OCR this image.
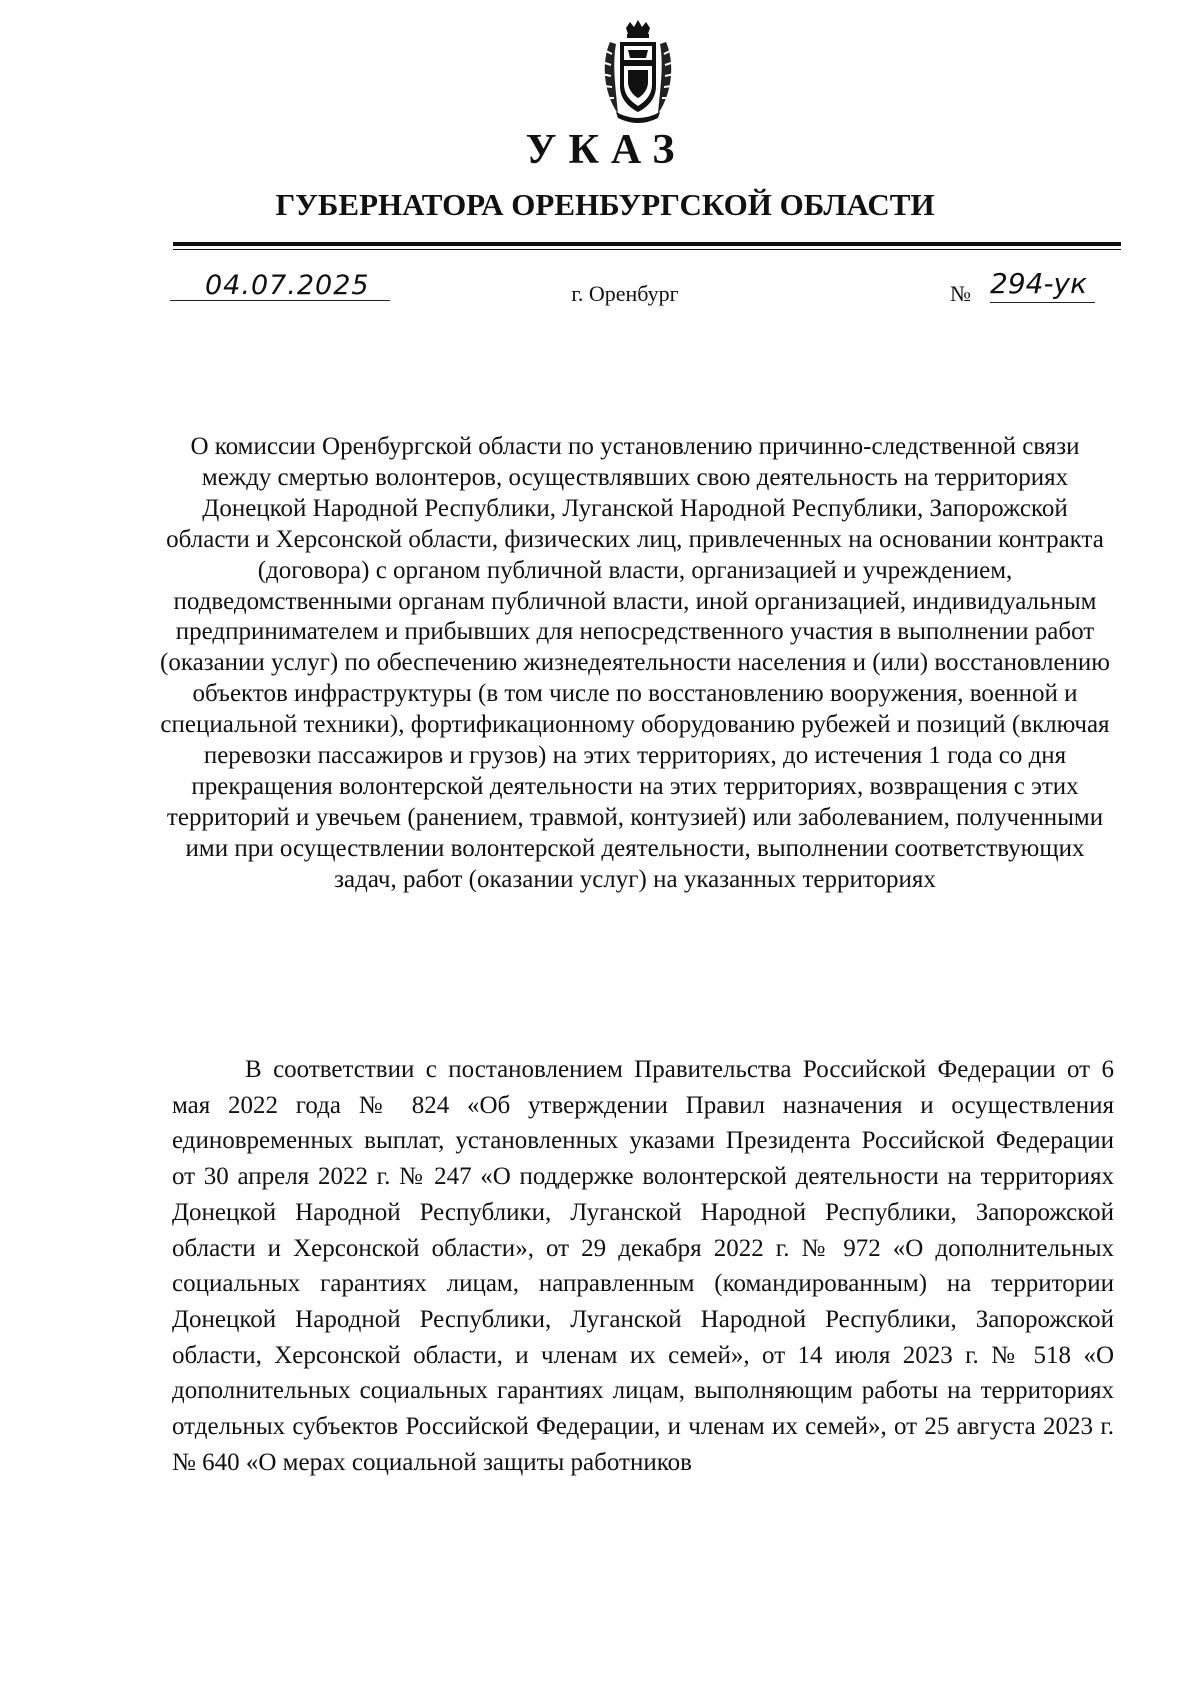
УКАЗ
ГУБЕРНАТОРА ОРЕНБУРГСКОЙ ОБЛАСТИ
04.07.2025	г. Оренбург	№ 294-ук

О комиссии Оренбургской области по установлению причинно-следственной связи между смертью волонтеров, осуществлявших свою деятельность на территориях Донецкой Народной Республики, Луганской Народной Республики, Запорожской области и Херсонской области, физических лиц, привлеченных на основании контракта (договора) с органом публичной власти, организацией и учреждением, подведомственными органам публичной власти, иной организацией, индивидуальным предпринимателем и прибывших для непосредственного участия в выполнении работ (оказании услуг) по обеспечению жизнедеятельности населения и (или) восстановлению объектов инфраструктуры (в том числе по восстановлению вооружения, военной и специальной техники), фортификационному оборудованию рубежей и позиций (включая перевозки пассажиров и грузов) на этих территориях, до истечения 1 года со дня прекращения волонтерской деятельности на этих территориях, возвращения с этих территорий и увечьем (ранением, травмой, контузией) или заболеванием, полученными ими при осуществлении волонтерской деятельности, выполнении соответствующих задач, работ (оказании услуг) на указанных территориях

В соответствии с постановлением Правительства Российской Федерации от 6 мая 2022 года № 824 «Об утверждении Правил назначения и осуществления единовременных выплат, установленных указами Президента Российской Федерации от 30 апреля 2022 г. № 247 «О поддержке волонтерской деятельности на территориях Донецкой Народной Республики, Луганской Народной Республики, Запорожской области и Херсонской области», от 29 декабря 2022 г. № 972 «О дополнительных социальных гарантиях лицам, направленным (командированным) на территории Донецкой Народной Республики, Луганской Народной Республики, Запорожской области, Херсонской области, и членам их семей», от 14 июля 2023 г. № 518 «О дополнительных социальных гарантиях лицам, выполняющим работы на территориях отдельных субъектов Российской Федерации, и членам их семей», от 25 августа 2023 г. № 640 «О мерах социальной защиты работников
